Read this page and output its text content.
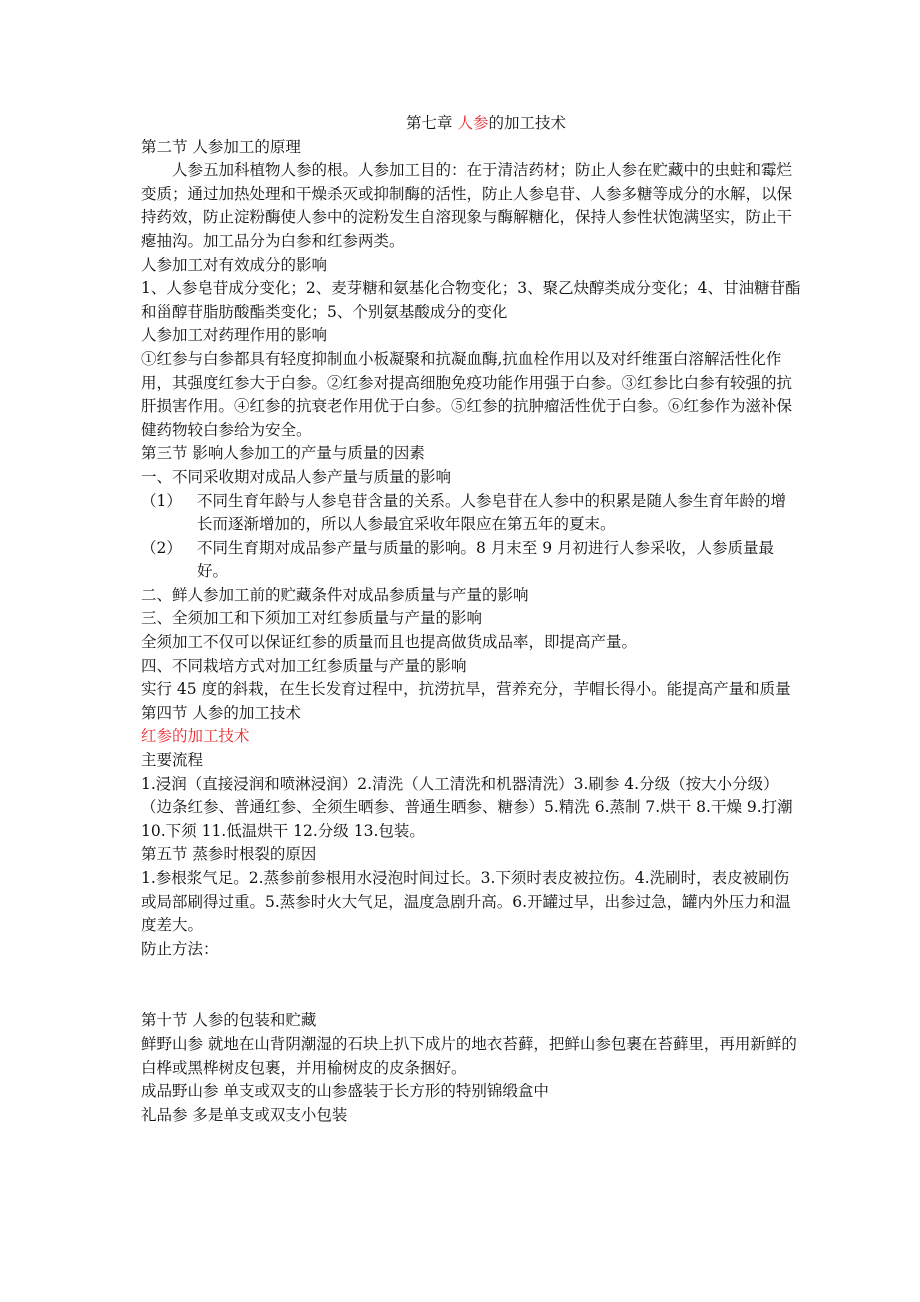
第七章 人参的加工技术
第二节 人参加工的原理
人参五加科植物人参的根。人参加工目的：在于清洁药材；防止人参在贮藏中的虫蛀和霉烂变质；通过加热处理和干燥杀灭或抑制酶的活性，防止人参皂苷、人参多糖等成分的水解，以保持药效，防止淀粉酶使人参中的淀粉发生自溶现象与酶解糖化，保持人参性状饱满坚实，防止干瘪抽沟。加工品分为白参和红参两类。
人参加工对有效成分的影响
1、人参皂苷成分变化；2、麦芽糖和氨基化合物变化；3、聚乙炔醇类成分变化；4、甘油糖苷酯和甾醇苷脂肪酸酯类变化；5、个别氨基酸成分的变化
人参加工对药理作用的影响
①红参与白参都具有轻度抑制血小板凝聚和抗凝血酶,抗血栓作用以及对纤维蛋白溶解活性化作用，其强度红参大于白参。②红参对提高细胞免疫功能作用强于白参。③红参比白参有较强的抗肝损害作用。④红参的抗衰老作用优于白参。⑤红参的抗肿瘤活性优于白参。⑥红参作为滋补保健药物较白参给为安全。
第三节 影响人参加工的产量与质量的因素
一、不同采收期对成品人参产量与质量的影响
（1） 不同生育年龄与人参皂苷含量的关系。人参皂苷在人参中的积累是随人参生育年龄的增长而逐渐增加的，所以人参最宜采收年限应在第五年的夏末。
（2） 不同生育期对成品参产量与质量的影响。8 月末至 9 月初进行人参采收，人参质量最好。
二、鲜人参加工前的贮藏条件对成品参质量与产量的影响
三、全须加工和下须加工对红参质量与产量的影响
全须加工不仅可以保证红参的质量而且也提高做货成品率，即提高产量。
四、不同栽培方式对加工红参质量与产量的影响
实行 45 度的斜栽，在生长发育过程中，抗涝抗旱，营养充分，芋帽长得小。能提高产量和质量
第四节 人参的加工技术
红参的加工技术
主要流程
1.浸润（直接浸润和喷淋浸润）2.清洗（人工清洗和机器清洗）3.刷参 4.分级（按大小分级）（边条红参、普通红参、全须生晒参、普通生晒参、糖参）5.精洗 6.蒸制 7.烘干 8.干燥 9.打潮 10.下须 11.低温烘干 12.分级 13.包装。
第五节 蒸参时根裂的原因
1.参根浆气足。2.蒸参前参根用水浸泡时间过长。3.下须时表皮被拉伤。4.洗刷时，表皮被刷伤或局部刷得过重。5.蒸参时火大气足，温度急剧升高。6.开罐过早，出参过急，罐内外压力和温度差大。
防止方法：
第十节 人参的包装和贮藏
鲜野山参 就地在山背阴潮湿的石块上扒下成片的地衣苔藓，把鲜山参包裹在苔藓里，再用新鲜的白桦或黑桦树皮包裹，并用榆树皮的皮条捆好。
成品野山参 单支或双支的山参盛装于长方形的特别锦缎盒中
礼品参 多是单支或双支小包装
